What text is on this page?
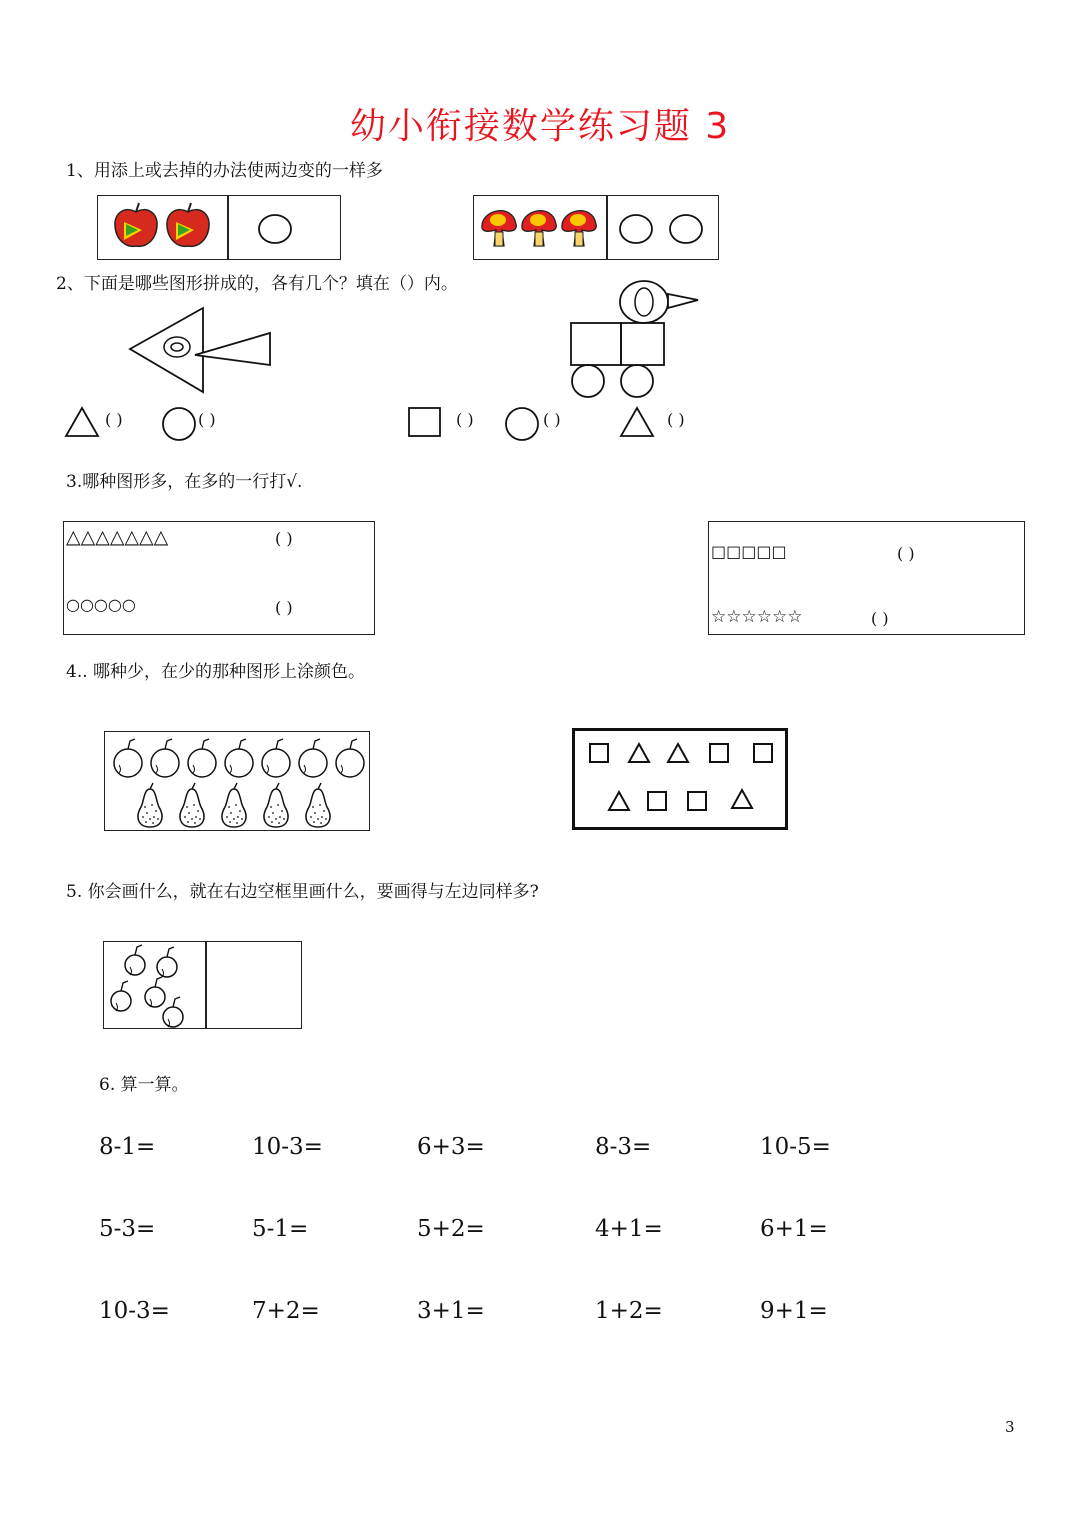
幼小衔接数学练习题 3
1、用添上或去掉的办法使两边变的一样多
2、下面是哪些图形拼成的，各有几个？填在（）内。
( )	( )	( )	( )	( )
3.哪种图形多，在多的一行打√.
△△△△△△△	( )
○○○○○	( )
□□□□□	( )
☆☆☆☆☆☆	( )
4.. 哪种少，在少的那种图形上涂颜色。
5. 你会画什么，就在右边空框里画什么，要画得与左边同样多?
6. 算一算。
8-1=	10-3=	6+3=	8-3=	10-5=
5-3=	5-1=	5+2=	4+1=	6+1=
10-3=	7+2=	3+1=	1+2=	9+1=
3
